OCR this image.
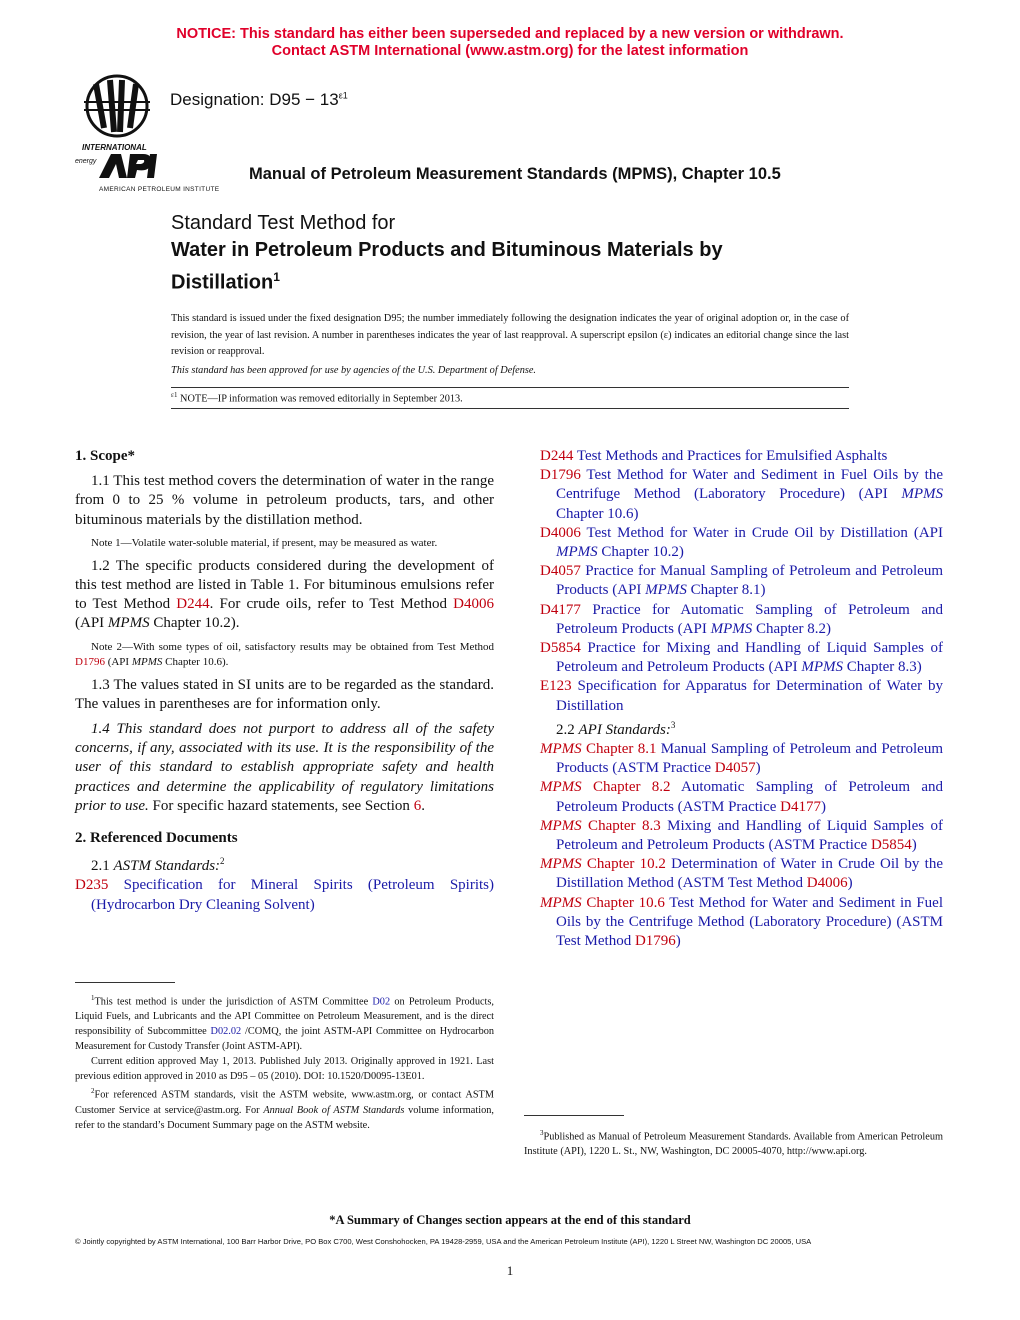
NOTICE: This standard has either been superseded and replaced by a new version or withdrawn.
Contact ASTM International (www.astm.org) for the latest information
INTERNATIONAL
energy
AMERICAN PETROLEUM INSTITUTE
Designation: $D95 - 13^{\varepsilon 1}$
Manual of Petroleum Measurement Standards (MPMS), Chapter 10.5
Standard Test Method for
Water in Petroleum Products and Bituminous Materials by
Distillation$^1$
This standard is issued under the fixed designation D95; the number immediately following the designation indicates the year of original adoption or, in the case of revision, the year of last revision. A number in parentheses indicates the year of last reapproval. A superscript epsilon (ε) indicates an editorial change since the last revision or reapproval.
This standard has been approved for use by agencies of the U.S. Department of Defense.
$^{\varepsilon 1}$ NOTE—IP information was removed editorially in September 2013.

1. Scope*

1.1 This test method covers the determination of water in the range from 0 to 25 % volume in petroleum products, tars, and other bituminous materials by the distillation method.

Note 1—Volatile water-soluble material, if present, may be measured as water.

1.2 The specific products considered during the development of this test method are listed in Table 1. For bituminous emulsions refer to Test Method D244. For crude oils, refer to Test Method D4006 (API MPMS Chapter 10.2).

Note 2—With some types of oil, satisfactory results may be obtained from Test Method D1796 (API MPMS Chapter 10.6).

1.3 The values stated in SI units are to be regarded as the standard. The values in parentheses are for information only.

1.4 This standard does not purport to address all of the safety concerns, if any, associated with its use. It is the responsibility of the user of this standard to establish appropriate safety and health practices and determine the applicability of regulatory limitations prior to use. For specific hazard statements, see Section 6.

2. Referenced Documents

2.1 ASTM Standards:$^2$

D235 Specification for Mineral Spirits (Petroleum Spirits) (Hydrocarbon Dry Cleaning Solvent)

D244 Test Methods and Practices for Emulsified Asphalts

D1796 Test Method for Water and Sediment in Fuel Oils by the Centrifuge Method (Laboratory Procedure) (API MPMS Chapter 10.6)

D4006 Test Method for Water in Crude Oil by Distillation (API MPMS Chapter 10.2)

D4057 Practice for Manual Sampling of Petroleum and Petroleum Products (API MPMS Chapter 8.1)

D4177 Practice for Automatic Sampling of Petroleum and Petroleum Products (API MPMS Chapter 8.2)

D5854 Practice for Mixing and Handling of Liquid Samples of Petroleum and Petroleum Products (API MPMS Chapter 8.3)

E123 Specification for Apparatus for Determination of Water by Distillation

2.2 API Standards:$^3$

MPMS Chapter 8.1 Manual Sampling of Petroleum and Petroleum Products (ASTM Practice D4057)

MPMS Chapter 8.2 Automatic Sampling of Petroleum and Petroleum Products (ASTM Practice D4177)

MPMS Chapter 8.3 Mixing and Handling of Liquid Samples of Petroleum and Petroleum Products (ASTM Practice D5854)

MPMS Chapter 10.2 Determination of Water in Crude Oil by the Distillation Method (ASTM Test Method D4006)

MPMS Chapter 10.6 Test Method for Water and Sediment in Fuel Oils by the Centrifuge Method (Laboratory Procedure) (ASTM Test Method D1796)

$^1$This test method is under the jurisdiction of ASTM Committee D02 on Petroleum Products, Liquid Fuels, and Lubricants and the API Committee on Petroleum Measurement, and is the direct responsibility of Subcommittee D02.02 /COMQ, the joint ASTM-API Committee on Hydrocarbon Measurement for Custody Transfer (Joint ASTM-API).
Current edition approved May 1, 2013. Published July 2013. Originally approved in 1921. Last previous edition approved in 2010 as D95 – 05 (2010). DOI: 10.1520/D0095-13E01.
$^2$For referenced ASTM standards, visit the ASTM website, www.astm.org, or contact ASTM Customer Service at service@astm.org. For Annual Book of ASTM Standards volume information, refer to the standard’s Document Summary page on the ASTM website.
$^3$Published as Manual of Petroleum Measurement Standards. Available from American Petroleum Institute (API), 1220 L. St., NW, Washington, DC 20005-4070, http://www.api.org.
*A Summary of Changes section appears at the end of this standard
© Jointly copyrighted by ASTM International, 100 Barr Harbor Drive, PO Box C700, West Conshohocken, PA 19428-2959, USA and the American Petroleum Institute (API), 1220 L Street NW, Washington DC 20005, USA
1
